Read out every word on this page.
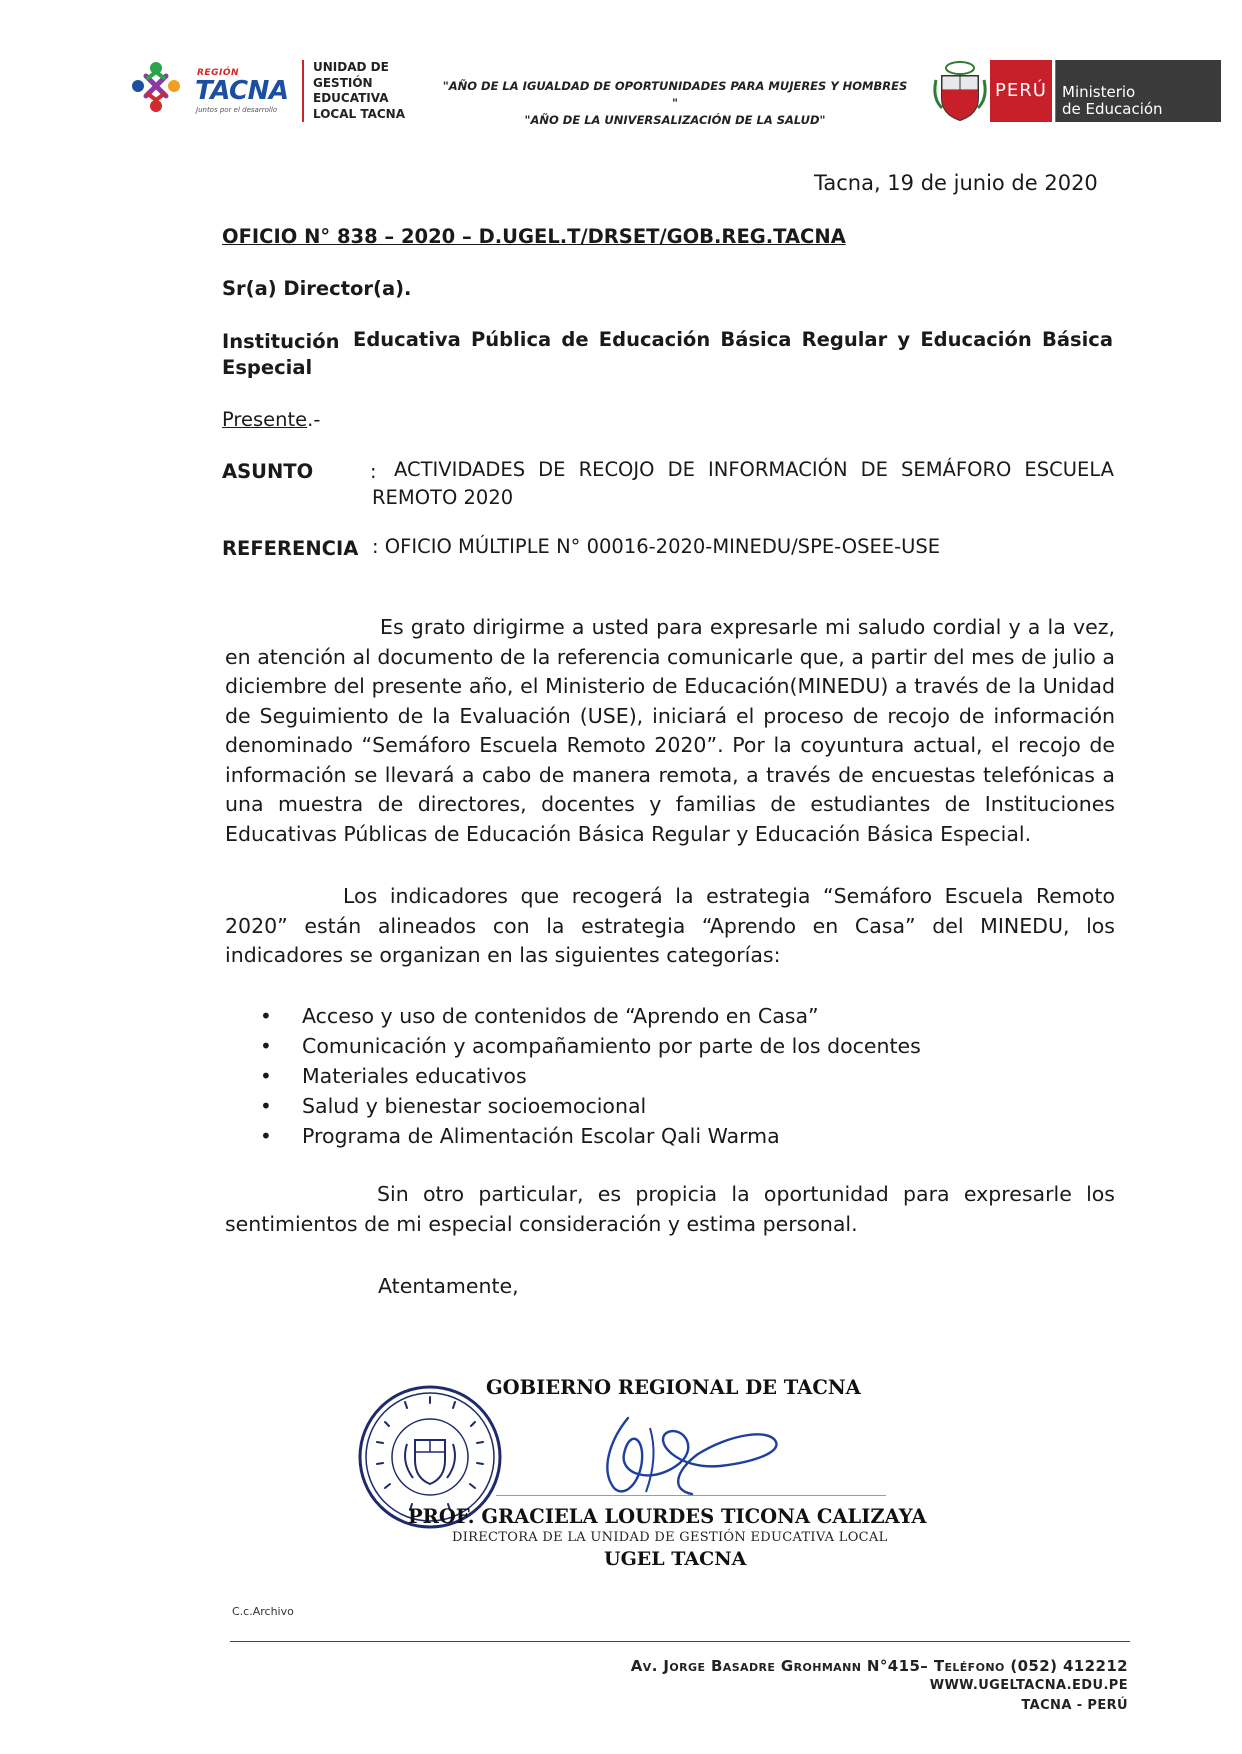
REGIÓN
TACNA
Juntos por el desarrollo
UNIDAD DE
GESTIÓN
EDUCATIVA
LOCAL TACNA
"AÑO DE LA IGUALDAD DE OPORTUNIDADES PARA MUJERES Y HOMBRES "
"AÑO DE LA UNIVERSALIZACIÓN DE LA SALUD"
PERÚ	Ministerio
de Educación
Tacna, 19 de junio de 2020
OFICIO N° 838 – 2020 – D.UGEL.T/DRSET/GOB.REG.TACNA
Sr(a) Director(a).
Institución Educativa Pública de Educación Básica Regular y Educación Básica
Especial
Presente.-
ASUNTO	: ACTIVIDADES DE RECOJO DE INFORMACIÓN DE SEMÁFORO ESCUELA
REMOTO 2020
REFERENCIA : OFICIO MÚLTIPLE N° 00016-2020-MINEDU/SPE-OSEE-USE
Es grato dirigirme a usted para expresarle mi saludo cordial y a la vez, en atención al documento de la referencia comunicarle que, a partir del mes de julio a diciembre del presente año, el Ministerio de Educación(MINEDU) a través de la Unidad de Seguimiento de la Evaluación (USE), iniciará el proceso de recojo de información denominado “Semáforo Escuela Remoto 2020”. Por la coyuntura actual, el recojo de información se llevará a cabo de manera remota, a través de encuestas telefónicas a una muestra de directores, docentes y familias de estudiantes de Instituciones Educativas Públicas de Educación Básica Regular y Educación Básica Especial.
Los indicadores que recogerá la estrategia “Semáforo Escuela Remoto 2020” están alineados con la estrategia “Aprendo en Casa” del MINEDU, los indicadores se organizan en las siguientes categorías:
• Acceso y uso de contenidos de “Aprendo en Casa”
• Comunicación y acompañamiento por parte de los docentes
• Materiales educativos
• Salud y bienestar socioemocional
• Programa de Alimentación Escolar Qali Warma
Sin otro particular, es propicia la oportunidad para expresarle los sentimientos de mi especial consideración y estima personal.
Atentamente,
GOBIERNO REGIONAL DE TACNA
PROF. GRACIELA LOURDES TICONA CALIZAYA
DIRECTORA DE LA UNIDAD DE GESTIÓN EDUCATIVA LOCAL
UGEL TACNA
C.c.Archivo
Av. Jorge Basadre Grohmann N°415– Teléfono (052) 412212
WWW.UGELTACNA.EDU.PE
TACNA - PERÚ
